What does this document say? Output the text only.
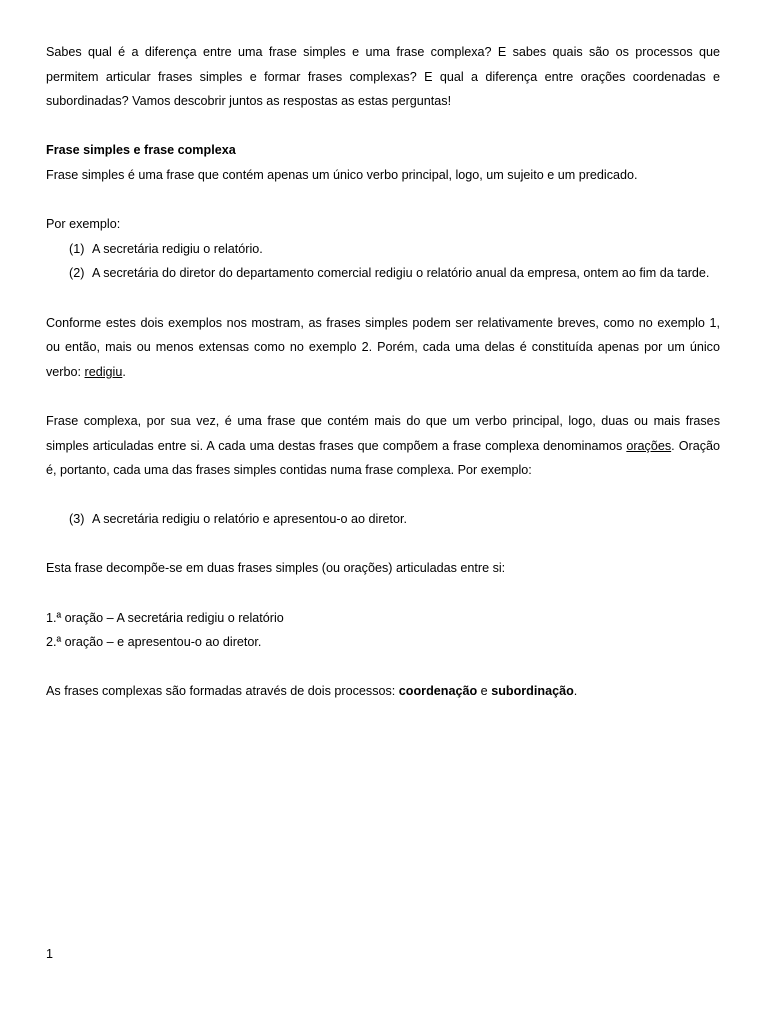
Sabes qual é a diferença entre uma frase simples e uma frase complexa? E sabes quais são os processos que permitem articular frases simples e formar frases complexas? E qual a diferença entre orações coordenadas e subordinadas? Vamos descobrir juntos as respostas as estas perguntas!

Frase simples e frase complexa

Frase simples é uma frase que contém apenas um único verbo principal, logo, um sujeito e um predicado.

Por exemplo:

(1) A secretária redigiu o relatório.
(2) A secretária do diretor do departamento comercial redigiu o relatório anual da empresa, ontem ao fim da tarde.

Conforme estes dois exemplos nos mostram, as frases simples podem ser relativamente breves, como no exemplo 1, ou então, mais ou menos extensas como no exemplo 2. Porém, cada uma delas é constituída apenas por um único verbo: redigiu.

Frase complexa, por sua vez, é uma frase que contém mais do que um verbo principal, logo, duas ou mais frases simples articuladas entre si. A cada uma destas frases que compõem a frase complexa denominamos orações. Oração é, portanto, cada uma das frases simples contidas numa frase complexa. Por exemplo:

(3) A secretária redigiu o relatório e apresentou-o ao diretor.

Esta frase decompõe-se em duas frases simples (ou orações) articuladas entre si:

1.ª oração – A secretária redigiu o relatório

2.ª oração – e apresentou-o ao diretor.

As frases complexas são formadas através de dois processos: coordenação e subordinação.

1
